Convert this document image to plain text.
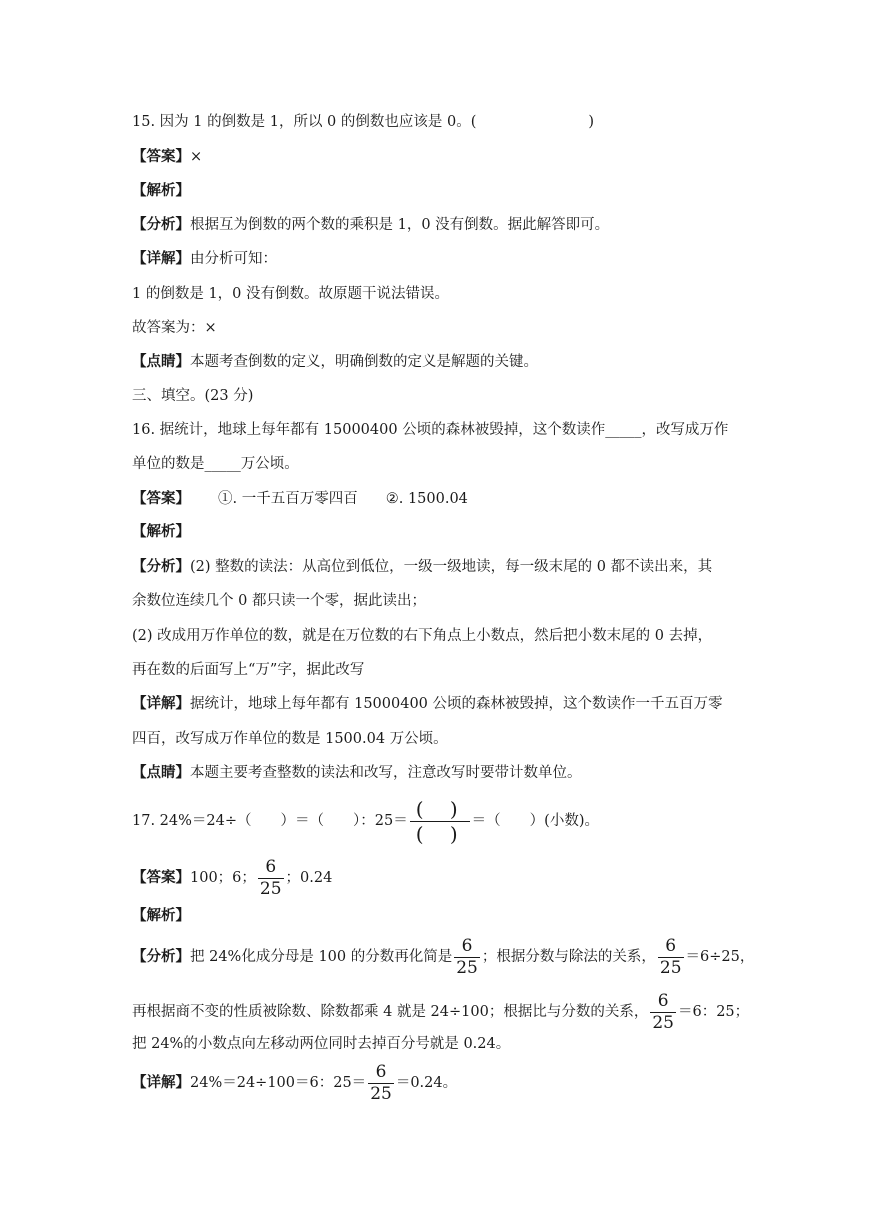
15. 因为 1 的倒数是 1，所以 0 的倒数也应该是 0。(	)
【答案】×
【解析】
【分析】根据互为倒数的两个数的乘积是 1，0 没有倒数。据此解答即可。
【详解】由分析可知：
1 的倒数是 1，0 没有倒数。故原题干说法错误。
故答案为：×
【点睛】本题考查倒数的定义，明确倒数的定义是解题的关键。
三、填空。(23 分)
16. 据统计，地球上每年都有 15000400 公顷的森林被毁掉，这个数读作_____，改写成万作
单位的数是_____万公顷。
【答案】 ①. 一千五百万零四百 ②. 1500.04
【解析】
【分析】(2) 整数的读法：从高位到低位，一级一级地读，每一级末尾的 0 都不读出来，其
余数位连续几个 0 都只读一个零，据此读出；
(2) 改成用万作单位的数，就是在万位数的右下角点上小数点，然后把小数末尾的 0 去掉，
再在数的后面写上“万”字，据此改写
【详解】据统计，地球上每年都有 15000400 公顷的森林被毁掉，这个数读作一千五百万零
四百，改写成万作单位的数是 1500.04 万公顷。
【点睛】本题主要考查整数的读法和改写，注意改写时要带计数单位。
17. 24%＝24÷（　　）＝（　　）：$25= \frac{( )}{( )}$ ＝（　　）(小数)。
【答案】100；6； $\frac{6}{25}$ ；0.24
【解析】
【分析】把 24%化成分母是 100 的分数再化简是 $\frac{6}{25}$ ；根据分数与除法的关系， $\frac{6}{25} =6\div 25$，
再根据商不变的性质被除数、除数都乘 4 就是 24÷100；根据比与分数的关系， $\frac{6}{25} =6$：25；
把 24%的小数点向左移动两位同时去掉百分号就是 0.24。
【详解】24%＝24÷100＝6：$25= \frac{6}{25} =0.24$。
